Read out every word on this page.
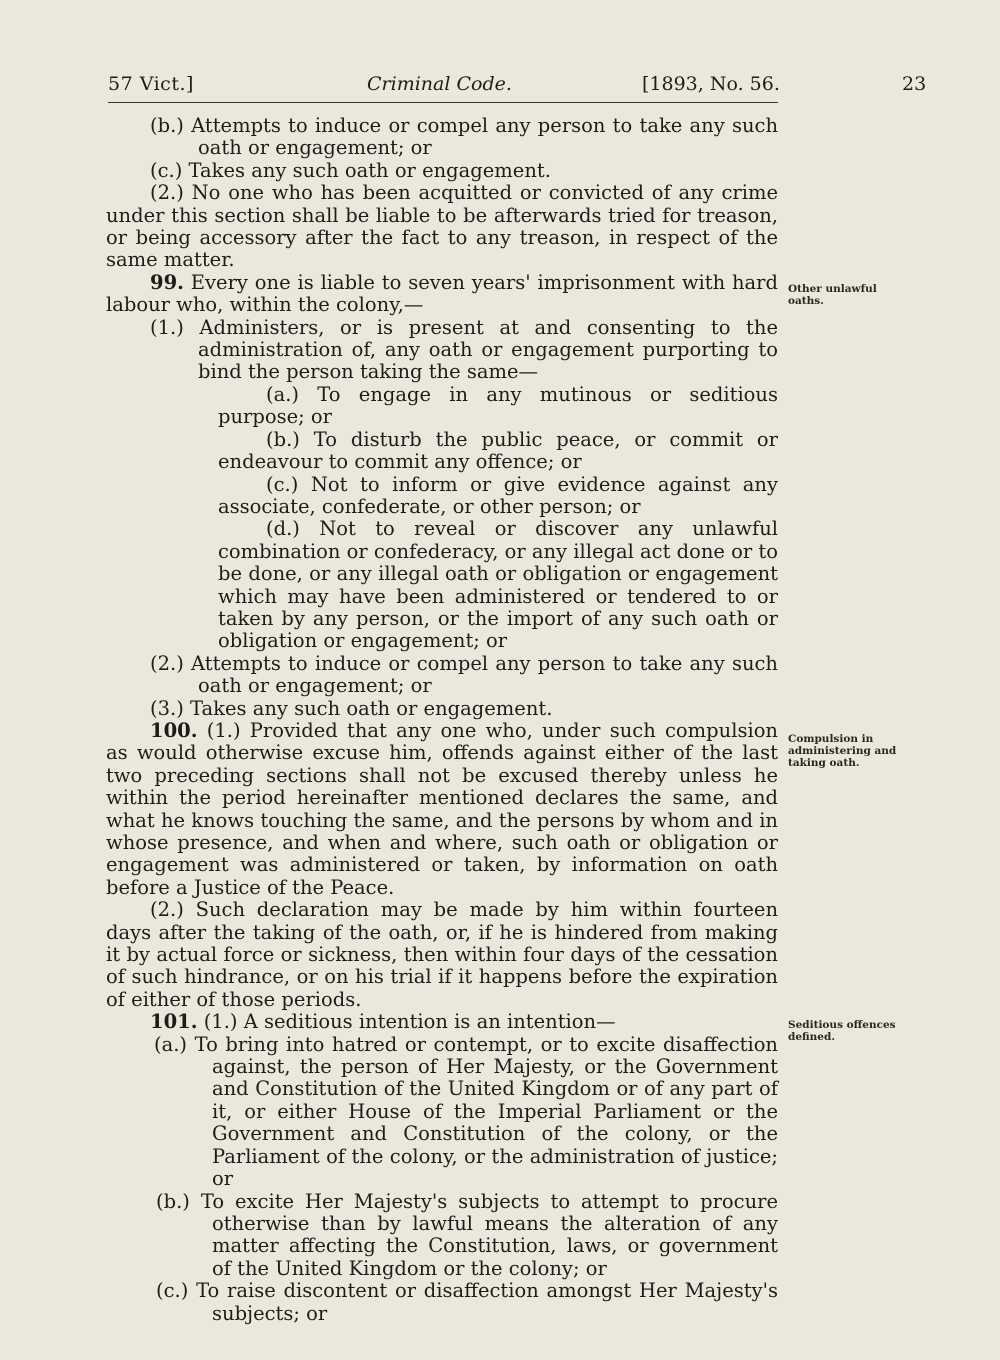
57 Vict.]	Criminal Code.	[1893, No. 56.	23

(b.) Attempts to induce or compel any person to take any such oath or engagement; or

(c.) Takes any such oath or engagement.

(2.) No one who has been acquitted or convicted of any crime under this section shall be liable to be afterwards tried for treason, or being accessory after the fact to any treason, in respect of the same matter.

99. Every one is liable to seven years' imprisonment with hard labour who, within the colony,—

(1.) Administers, or is present at and consenting to the administration of, any oath or engagement purporting to bind the person taking the same—

(a.) To engage in any mutinous or seditious purpose; or

(b.) To disturb the public peace, or commit or endeavour to commit any offence; or

(c.) Not to inform or give evidence against any associate, confederate, or other person; or

(d.) Not to reveal or discover any unlawful combination or confederacy, or any illegal act done or to be done, or any illegal oath or obligation or engagement which may have been administered or tendered to or taken by any person, or the import of any such oath or obligation or engagement; or

(2.) Attempts to induce or compel any person to take any such oath or engagement; or

(3.) Takes any such oath or engagement.

100. (1.) Provided that any one who, under such compulsion as would otherwise excuse him, offends against either of the last two preceding sections shall not be excused thereby unless he within the period hereinafter mentioned declares the same, and what he knows touching the same, and the persons by whom and in whose presence, and when and where, such oath or obligation or engagement was administered or taken, by information on oath before a Justice of the Peace.

(2.) Such declaration may be made by him within fourteen days after the taking of the oath, or, if he is hindered from making it by actual force or sickness, then within four days of the cessation of such hindrance, or on his trial if it happens before the expiration of either of those periods.

101. (1.) A seditious intention is an intention—

(a.) To bring into hatred or contempt, or to excite disaffection against, the person of Her Majesty, or the Government and Constitution of the United Kingdom or of any part of it, or either House of the Imperial Parliament or the Government and Constitution of the colony, or the Parliament of the colony, or the administration of justice; or

(b.) To excite Her Majesty's subjects to attempt to procure otherwise than by lawful means the alteration of any matter affecting the Constitution, laws, or government of the United Kingdom or the colony; or

(c.) To raise discontent or disaffection amongst Her Majesty's subjects; or

Other unlawful oaths.
Compulsion in administering and taking oath.
Seditious offences defined.
